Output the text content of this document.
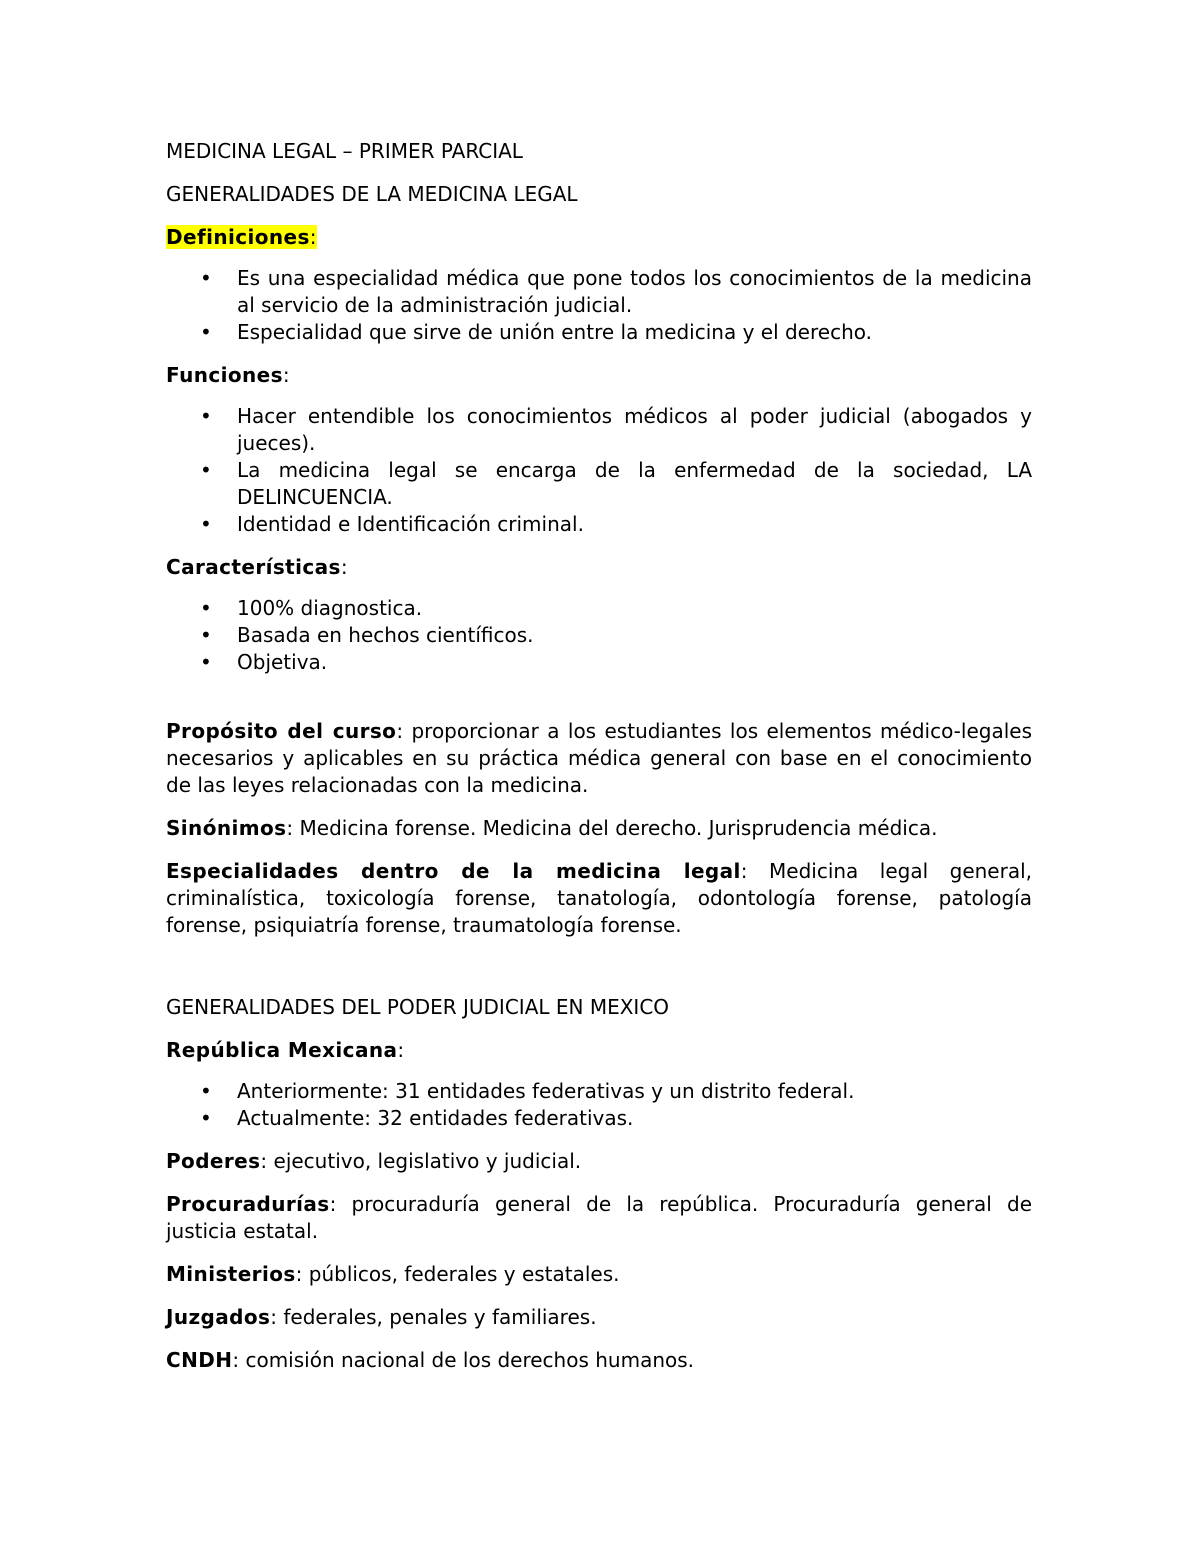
MEDICINA LEGAL – PRIMER PARCIAL
GENERALIDADES DE LA MEDICINA LEGAL

Definiciones:

• Es una especialidad médica que pone todos los conocimientos de la medicina al servicio de la administración judicial.
• Especialidad que sirve de unión entre la medicina y el derecho.

Funciones:

• Hacer entendible los conocimientos médicos al poder judicial (abogados y jueces).
• La medicina legal se encarga de la enfermedad de la sociedad, LA DELINCUENCIA.
• Identidad e Identificación criminal.

Características:

• 100% diagnostica.
• Basada en hechos científicos.
• Objetiva.

Propósito del curso: proporcionar a los estudiantes los elementos médico-legales necesarios y aplicables en su práctica médica general con base en el conocimiento de las leyes relacionadas con la medicina.

Sinónimos: Medicina forense. Medicina del derecho. Jurisprudencia médica.

Especialidades dentro de la medicina legal: Medicina legal general, criminalística, toxicología forense, tanatología, odontología forense, patología forense, psiquiatría forense, traumatología forense.

GENERALIDADES DEL PODER JUDICIAL EN MEXICO

República Mexicana:

• Anteriormente: 31 entidades federativas y un distrito federal.
• Actualmente: 32 entidades federativas.

Poderes: ejecutivo, legislativo y judicial.

Procuradurías: procuraduría general de la república. Procuraduría general de justicia estatal.

Ministerios: públicos, federales y estatales.

Juzgados: federales, penales y familiares.

CNDH: comisión nacional de los derechos humanos.
